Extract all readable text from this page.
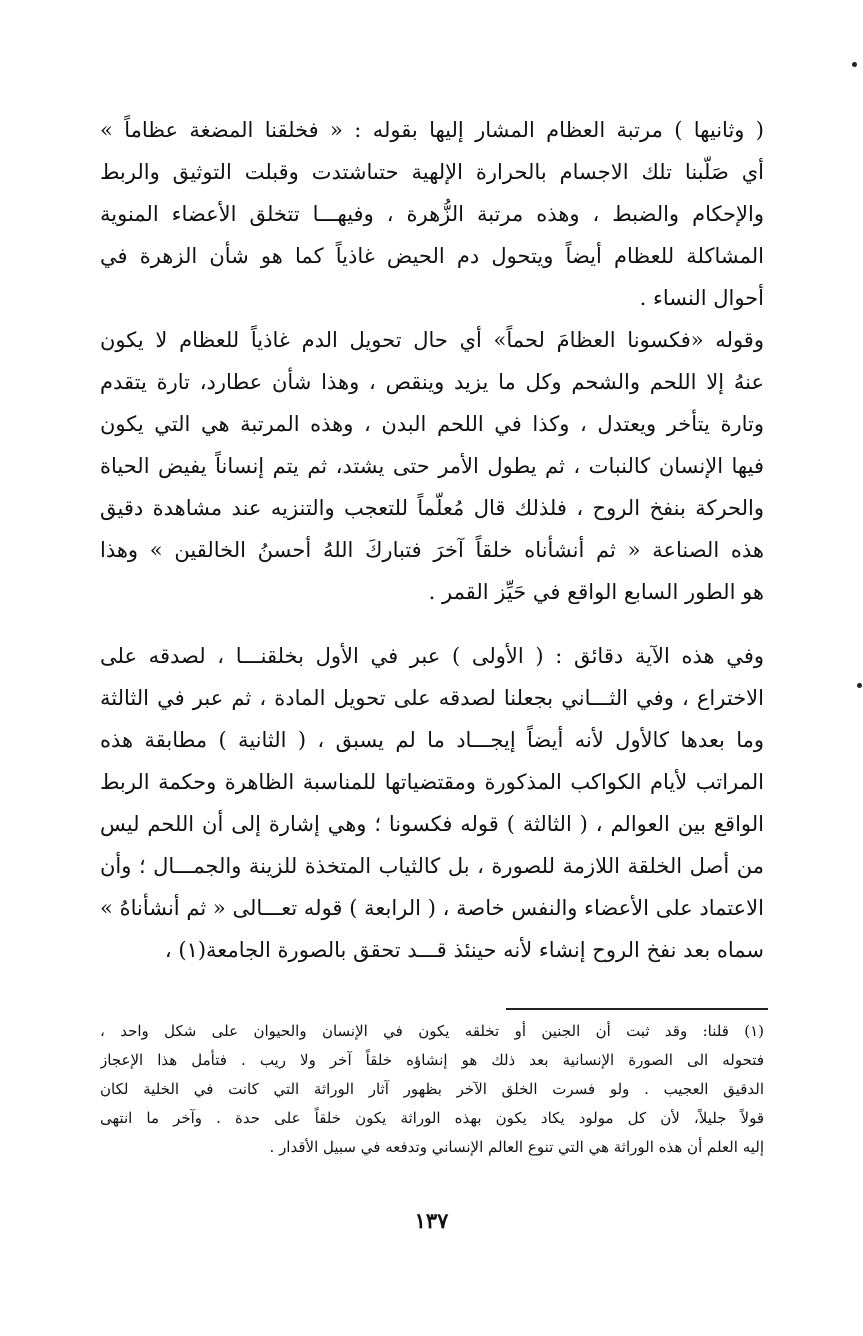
( وثانيها ) مرتبة العظام المشار إليها بقوله : « فخلقنا المضغة عظاماً »
أي صَلّبنا تلك الاجسام بالحرارة الإلهية حتىاشتدت وقبلت التوثيق والربط
والإحكام والضبط ، وهذه مرتبة الزُّهرة ، وفيهـــا تتخلق الأعضاء المنوية
المشاكلة للعظام أيضاً ويتحول دم الحيض غاذياً كما هو شأن الزهرة في
أحوال النساء .
وقوله «فكسونا العظامَ لحماً» أي حال تحويل الدم غاذياً للعظام لا يكون
عنهُ إلا اللحم والشحم وكل ما يزيد وينقص ، وهذا شأن عطارد، تارة يتقدم
وتارة يتأخر ويعتدل ، وكذا في اللحم البدن ، وهذه المرتبة هي التي يكون
فيها الإنسان كالنبات ، ثم يطول الأمر حتى يشتد، ثم يتم إنساناً يفيض الحياة
والحركة بنفخ الروح ، فلذلك قال مُعلّماً للتعجب والتنزيه عند مشاهدة دقيق
هذه الصناعة « ثم أنشأناه خلقاً آخرَ فتباركَ اللهُ أحسنُ الخالقين » وهذا
هو الطور السابع الواقع في حَيِّز القمر .
وفي هذه الآية دقائق : ( الأولى ) عبر في الأول بخلقنـــا ، لصدقه على
الاختراع ، وفي الثـــاني بجعلنا لصدقه على تحويل المادة ، ثم عبر في الثالثة
وما بعدها كالأول لأنه أيضاً إيجـــاد ما لم يسبق ، ( الثانية ) مطابقة هذه
المراتب لأيام الكواكب المذكورة ومقتضياتها للمناسبة الظاهرة وحكمة الربط
الواقع بين العوالم ، ( الثالثة ) قوله فكسونا ؛ وهي إشارة إلى أن اللحم ليس
من أصل الخلقة اللازمة للصورة ، بل كالثياب المتخذة للزينة والجمـــال ؛ وأن
الاعتماد على الأعضاء والنفس خاصة ، ( الرابعة ) قوله تعـــالى « ثم أنشأناهُ »
سماه بعد نفخ الروح إنشاء لأنه حينئذ قـــد تحقق بالصورة الجامعة(١) ،
(١) قلنا: وقد ثبت أن الجنين أو تخلقه يكون في الإنسان والحيوان على شكل واحد ،
فتحوله الى الصورة الإنسانية بعد ذلك هو إنشاؤه خلقاً آخر ولا ريب . فتأمل هذا الإعجاز
الدقيق العجيب . ولو فسرت الخلق الآخر بظهور آثار الوراثة التي كانت في الخلية لكان
قولاً جليلاً، لأن كل مولود يكاد يكون بهذه الوراثة يكون خلقاً على حدة . وآخر ما انتهى
إليه العلم أن هذه الوراثة هي التي تنوع العالم الإنساني وتدفعه في سبيل الأقدار .
١٣٧
